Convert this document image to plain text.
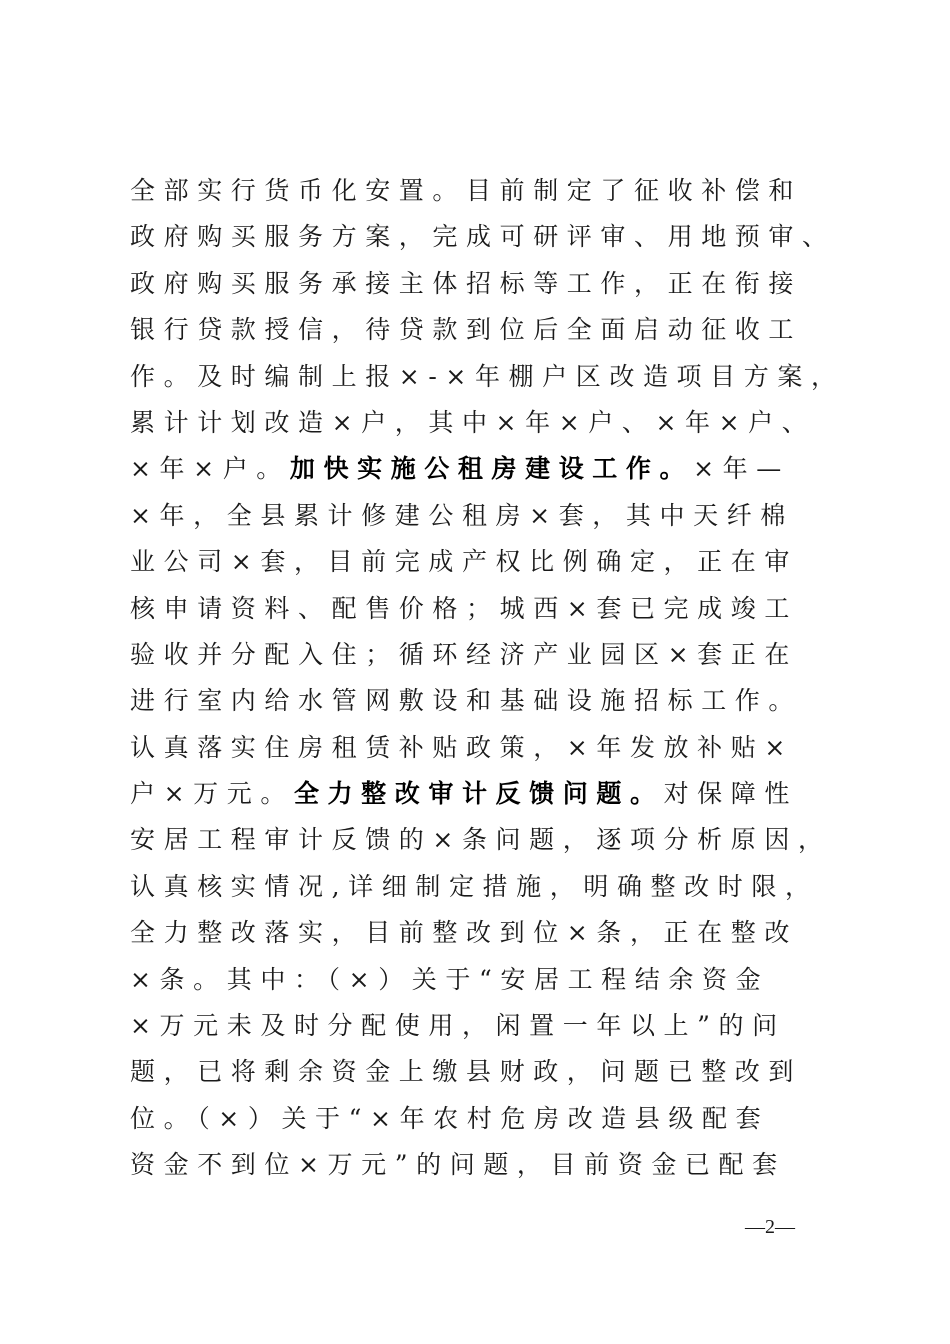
全部实行货币化安置。目前制定了征收补偿和
政府购买服务方案，完成可研评审、用地预审、
政府购买服务承接主体招标等工作，正在衔接
银行贷款授信，待贷款到位后全面启动征收工
作。及时编制上报×-×年棚户区改造项目方案，
累计计划改造×户，其中×年×户、×年×户、
×年×户。加快实施公租房建设工作。×年—
×年，全县累计修建公租房×套，其中天纤棉
业公司×套，目前完成产权比例确定，正在审
核申请资料、配售价格；城西×套已完成竣工
验收并分配入住；循环经济产业园区×套正在
进行室内给水管网敷设和基础设施招标工作。
认真落实住房租赁补贴政策，×年发放补贴×
户×万元。全力整改审计反馈问题。对保障性
安居工程审计反馈的×条问题，逐项分析原因，
认真核实情况,详细制定措施，明确整改时限，
全力整改落实，目前整改到位×条，正在整改
×条。其中：（×）关于“安居工程结余资金
×万元未及时分配使用，闲置一年以上”的问
题，已将剩余资金上缴县财政，问题已整改到
位。（×）关于“×年农村危房改造县级配套
资金不到位×万元”的问题，目前资金已配套
—2—
